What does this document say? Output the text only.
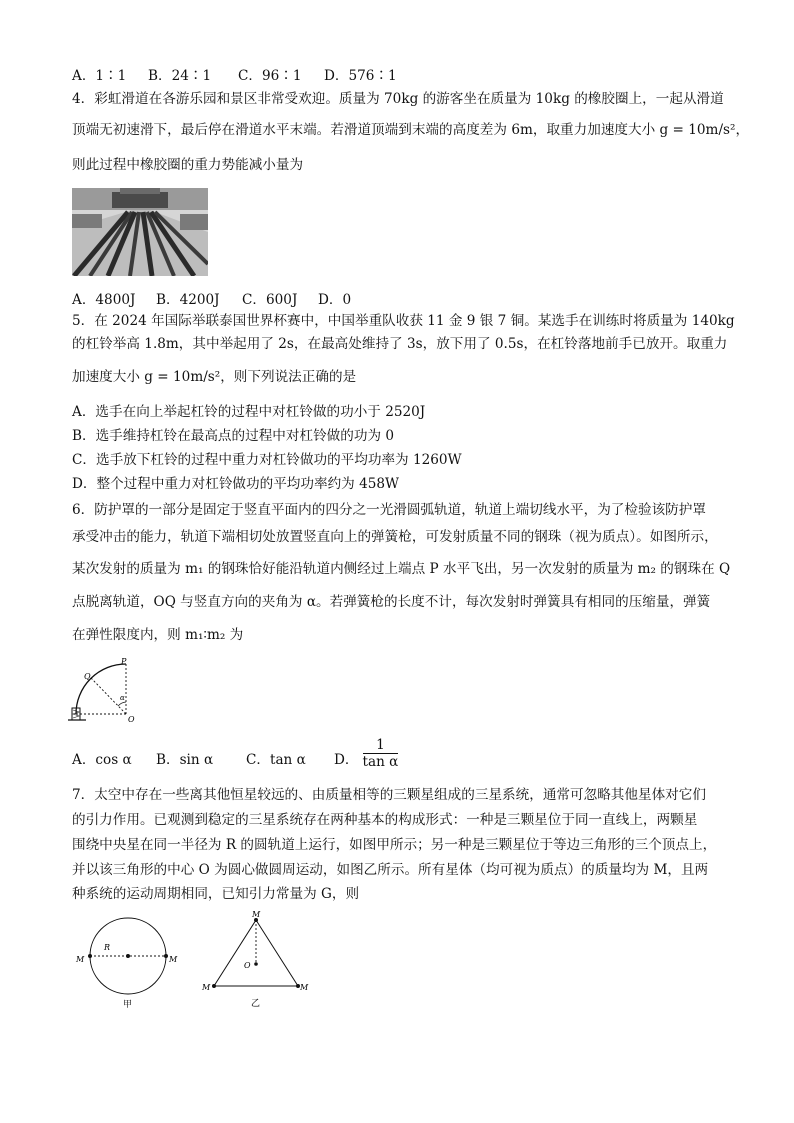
A．1∶1 B．24∶1 C．96∶1 D．576∶1
4．彩虹滑道在各游乐园和景区非常受欢迎。质量为 70kg 的游客坐在质量为 10kg 的橡胶圈上，一起从滑道
顶端无初速滑下，最后停在滑道水平末端。若滑道顶端到末端的高度差为 6m，取重力加速度大小 g = 10m/s²，
则此过程中橡胶圈的重力势能减小量为
A．4800J B．4200J C．600J D．0
5．在 2024 年国际举联泰国世界杯赛中，中国举重队收获 11 金 9 银 7 铜。某选手在训练时将质量为 140kg
的杠铃举高 1.8m，其中举起用了 2s，在最高处维持了 3s，放下用了 0.5s，在杠铃落地前手已放开。取重力
加速度大小 g = 10m/s²，则下列说法正确的是
A．选手在向上举起杠铃的过程中对杠铃做的功小于 2520J
B．选手维持杠铃在最高点的过程中对杠铃做的功为 0
C．选手放下杠铃的过程中重力对杠铃做功的平均功率为 1260W
D．整个过程中重力对杠铃做功的平均功率约为 458W
6．防护罩的一部分是固定于竖直平面内的四分之一光滑圆弧轨道，轨道上端切线水平，为了检验该防护罩
承受冲击的能力，轨道下端相切处放置竖直向上的弹簧枪，可发射质量不同的钢珠（视为质点）。如图所示，
某次发射的质量为 m₁ 的钢珠恰好能沿轨道内侧经过上端点 P 水平飞出，另一次发射的质量为 m₂ 的钢珠在 Q
点脱离轨道，OQ 与竖直方向的夹角为 α。若弹簧枪的长度不计，每次发射时弹簧具有相同的压缩量，弹簧
在弹性限度内，则 m₁∶m₂ 为
P
Q
α
O
A．cos α B．sin α C．tan α D． $\frac{1}{\text{tan α}}$
7．太空中存在一些离其他恒星较远的、由质量相等的三颗星组成的三星系统，通常可忽略其他星体对它们
的引力作用。已观测到稳定的三星系统存在两种基本的构成形式：一种是三颗星位于同一直线上，两颗星
围绕中央星在同一半径为 R 的圆轨道上运行，如图甲所示；另一种是三颗星位于等边三角形的三个顶点上，
并以该三角形的中心 O 为圆心做圆周运动，如图乙所示。所有星体（均可视为质点）的质量均为 M，且两
种系统的运动周期相同，已知引力常量为 G，则
R
M	M
甲
M
O
M	M
乙
